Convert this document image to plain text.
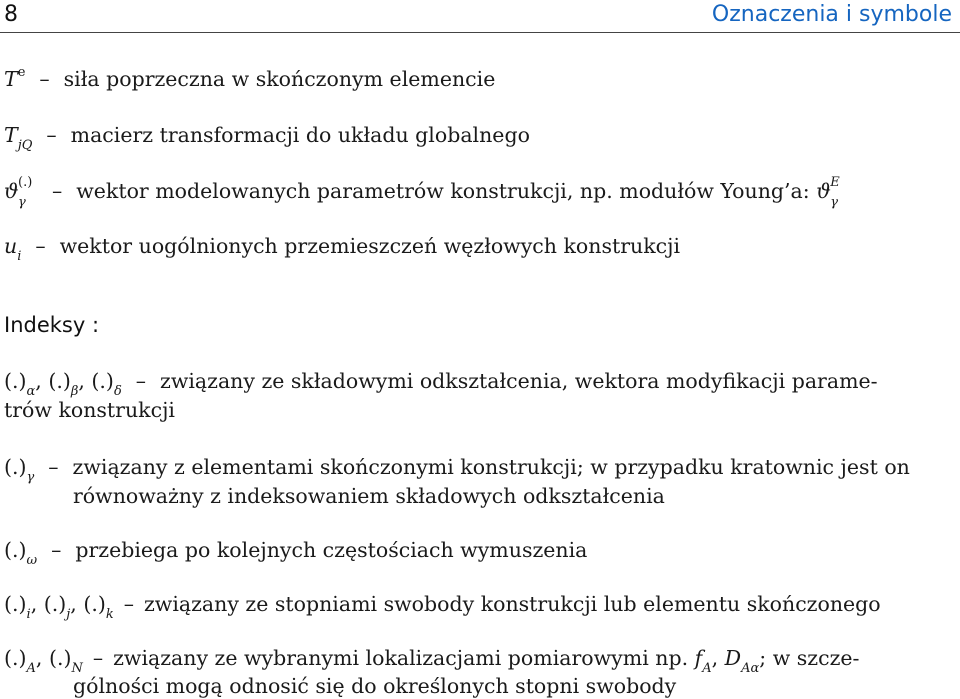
8	Oznaczenia i symbole
$T^e$ – siła poprzeczna w skończonym elemencie
$T_{jQ}$ – macierz transformacji do układu globalnego
ϑ (.)
γ – wektor modelowanych parametrów konstrukcji, np. modułów Young’a: ϑ E
γ
$u_i$ – wektor uogólnionych przemieszczeń węzłowych konstrukcji
Indeksy :
$(.)_\alpha$, $(.)_\beta$, $(.)_\delta$ – związany ze składowymi odkształcenia, wektora modyfikacji parame-
trów konstrukcji
$(.)_\gamma$ – związany z elementami skończonymi konstrukcji; w przypadku kratownic jest on
równoważny z indeksowaniem składowych odkształcenia
$(.)_\omega$ – przebiega po kolejnych częstościach wymuszenia
$(.)_i$, $(.)_j$, $(.)_k$ – związany ze stopniami swobody konstrukcji lub elementu skończonego
$(.)_A$, $(.)_N$ – związany ze wybranymi lokalizacjami pomiarowymi np. $f_A$, $D_{A\alpha}$; w szcze-
gólności mogą odnosić się do określonych stopni swobody
